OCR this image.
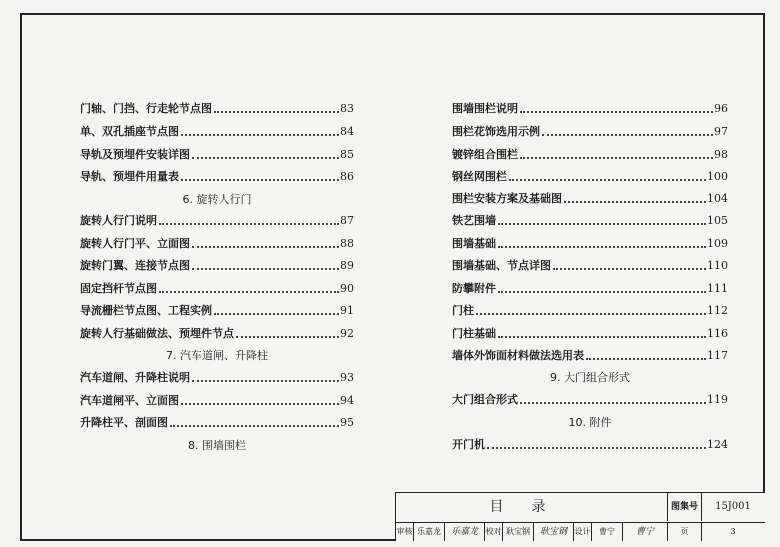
门轴、门挡、行走轮节点图	83
单、双孔插座节点图	84
导轨及预埋件安装详图	85
导轨、预埋件用量表	86
6. 旋转人行门
旋转人行门说明	87
旋转人行门平、立面图	88
旋转门翼、连接节点图	89
固定挡杆节点图	90
导流栅栏节点图、工程实例	91
旋转人行基础做法、预埋件节点	92
7. 汽车道闸、升降柱
汽车道闸、升降柱说明	93
汽车道闸平、立面图	94
升降柱平、剖面图	95
8. 围墙围栏
围墙围栏说明	96
围栏花饰选用示例	97
镀锌组合围栏	98
钢丝网围栏	100
围栏安装方案及基础图	104
铁艺围墙	105
围墙基础	109
围墙基础、节点详图	110
防攀附件	111
门柱	112
门柱基础	116
墙体外饰面材料做法选用表	117
9. 大门组合形式
大门组合形式	119
10. 附件
开门机	124
目录	图集号	15J001
审核 乐嘉龙	乐嘉龙 校对 耿宝钢	耿宝钢 设计	曹宁	曹宁	页	3
